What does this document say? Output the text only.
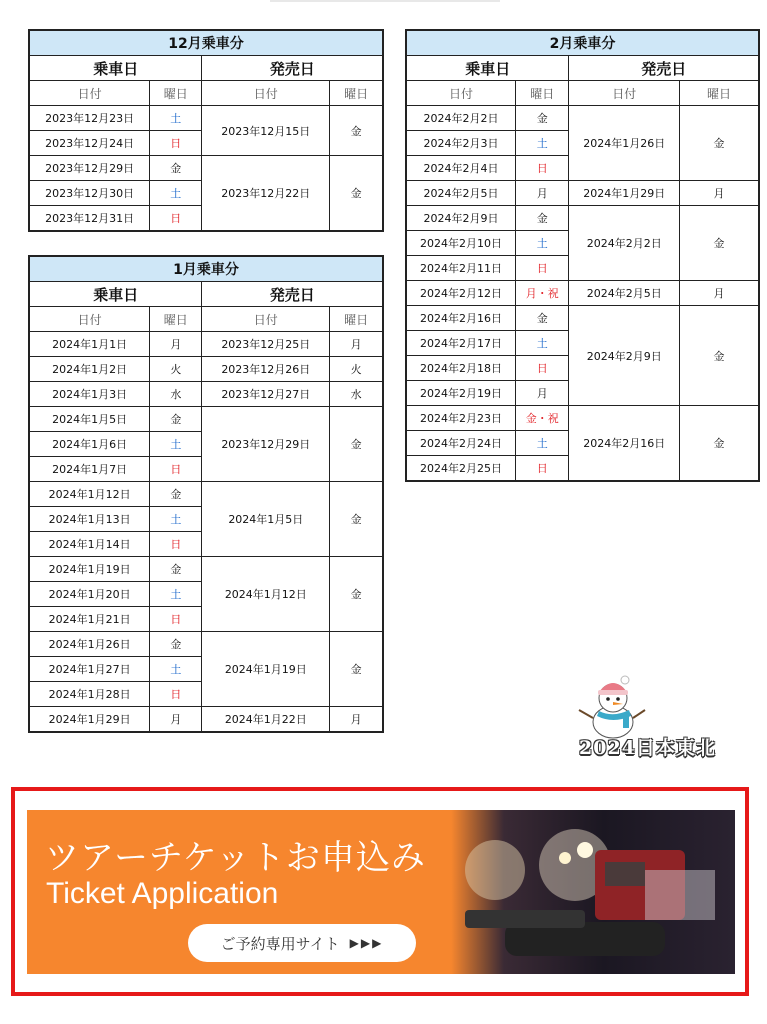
12月乗車分			
乗車日		発売日	
日付	曜日	日付	曜日
2023年12月23日	土	2023年12月15日	金
2023年12月24日	日		
2023年12月29日	金	2023年12月22日	金
2023年12月30日	土		
2023年12月31日	日		
1月乗車分			
乗車日		発売日	
日付	曜日	日付	曜日
2024年1月1日	月	2023年12月25日	月
2024年1月2日	火	2023年12月26日	火
2024年1月3日	水	2023年12月27日	水
2024年1月5日	金	2023年12月29日	金
2024年1月6日	土		
2024年1月7日	日		
2024年1月12日	金	2024年1月5日	金
2024年1月13日	土		
2024年1月14日	日		
2024年1月19日	金	2024年1月12日	金
2024年1月20日	土		
2024年1月21日	日		
2024年1月26日	金	2024年1月19日	金
2024年1月27日	土		
2024年1月28日	日		
2024年1月29日	月	2024年1月22日	月
2月乗車分			
乗車日		発売日	
日付	曜日	日付	曜日
2024年2月2日	金	2024年1月26日	金
2024年2月3日	土		
2024年2月4日	日		
2024年2月5日	月	2024年1月29日	月
2024年2月9日	金	2024年2月2日	金
2024年2月10日	土		
2024年2月11日	日		
2024年2月12日	月・祝	2024年2月5日	月
2024年2月16日	金	2024年2月9日	金
2024年2月17日	土		
2024年2月18日	日		
2024年2月19日	月		
2024年2月23日	金・祝	2024年2月16日	金
2024年2月24日	土		
2024年2月25日	日		
2024日本東北
ツアーチケットお申込み
Ticket Application
ご予約専用サイト ▶▶▶
